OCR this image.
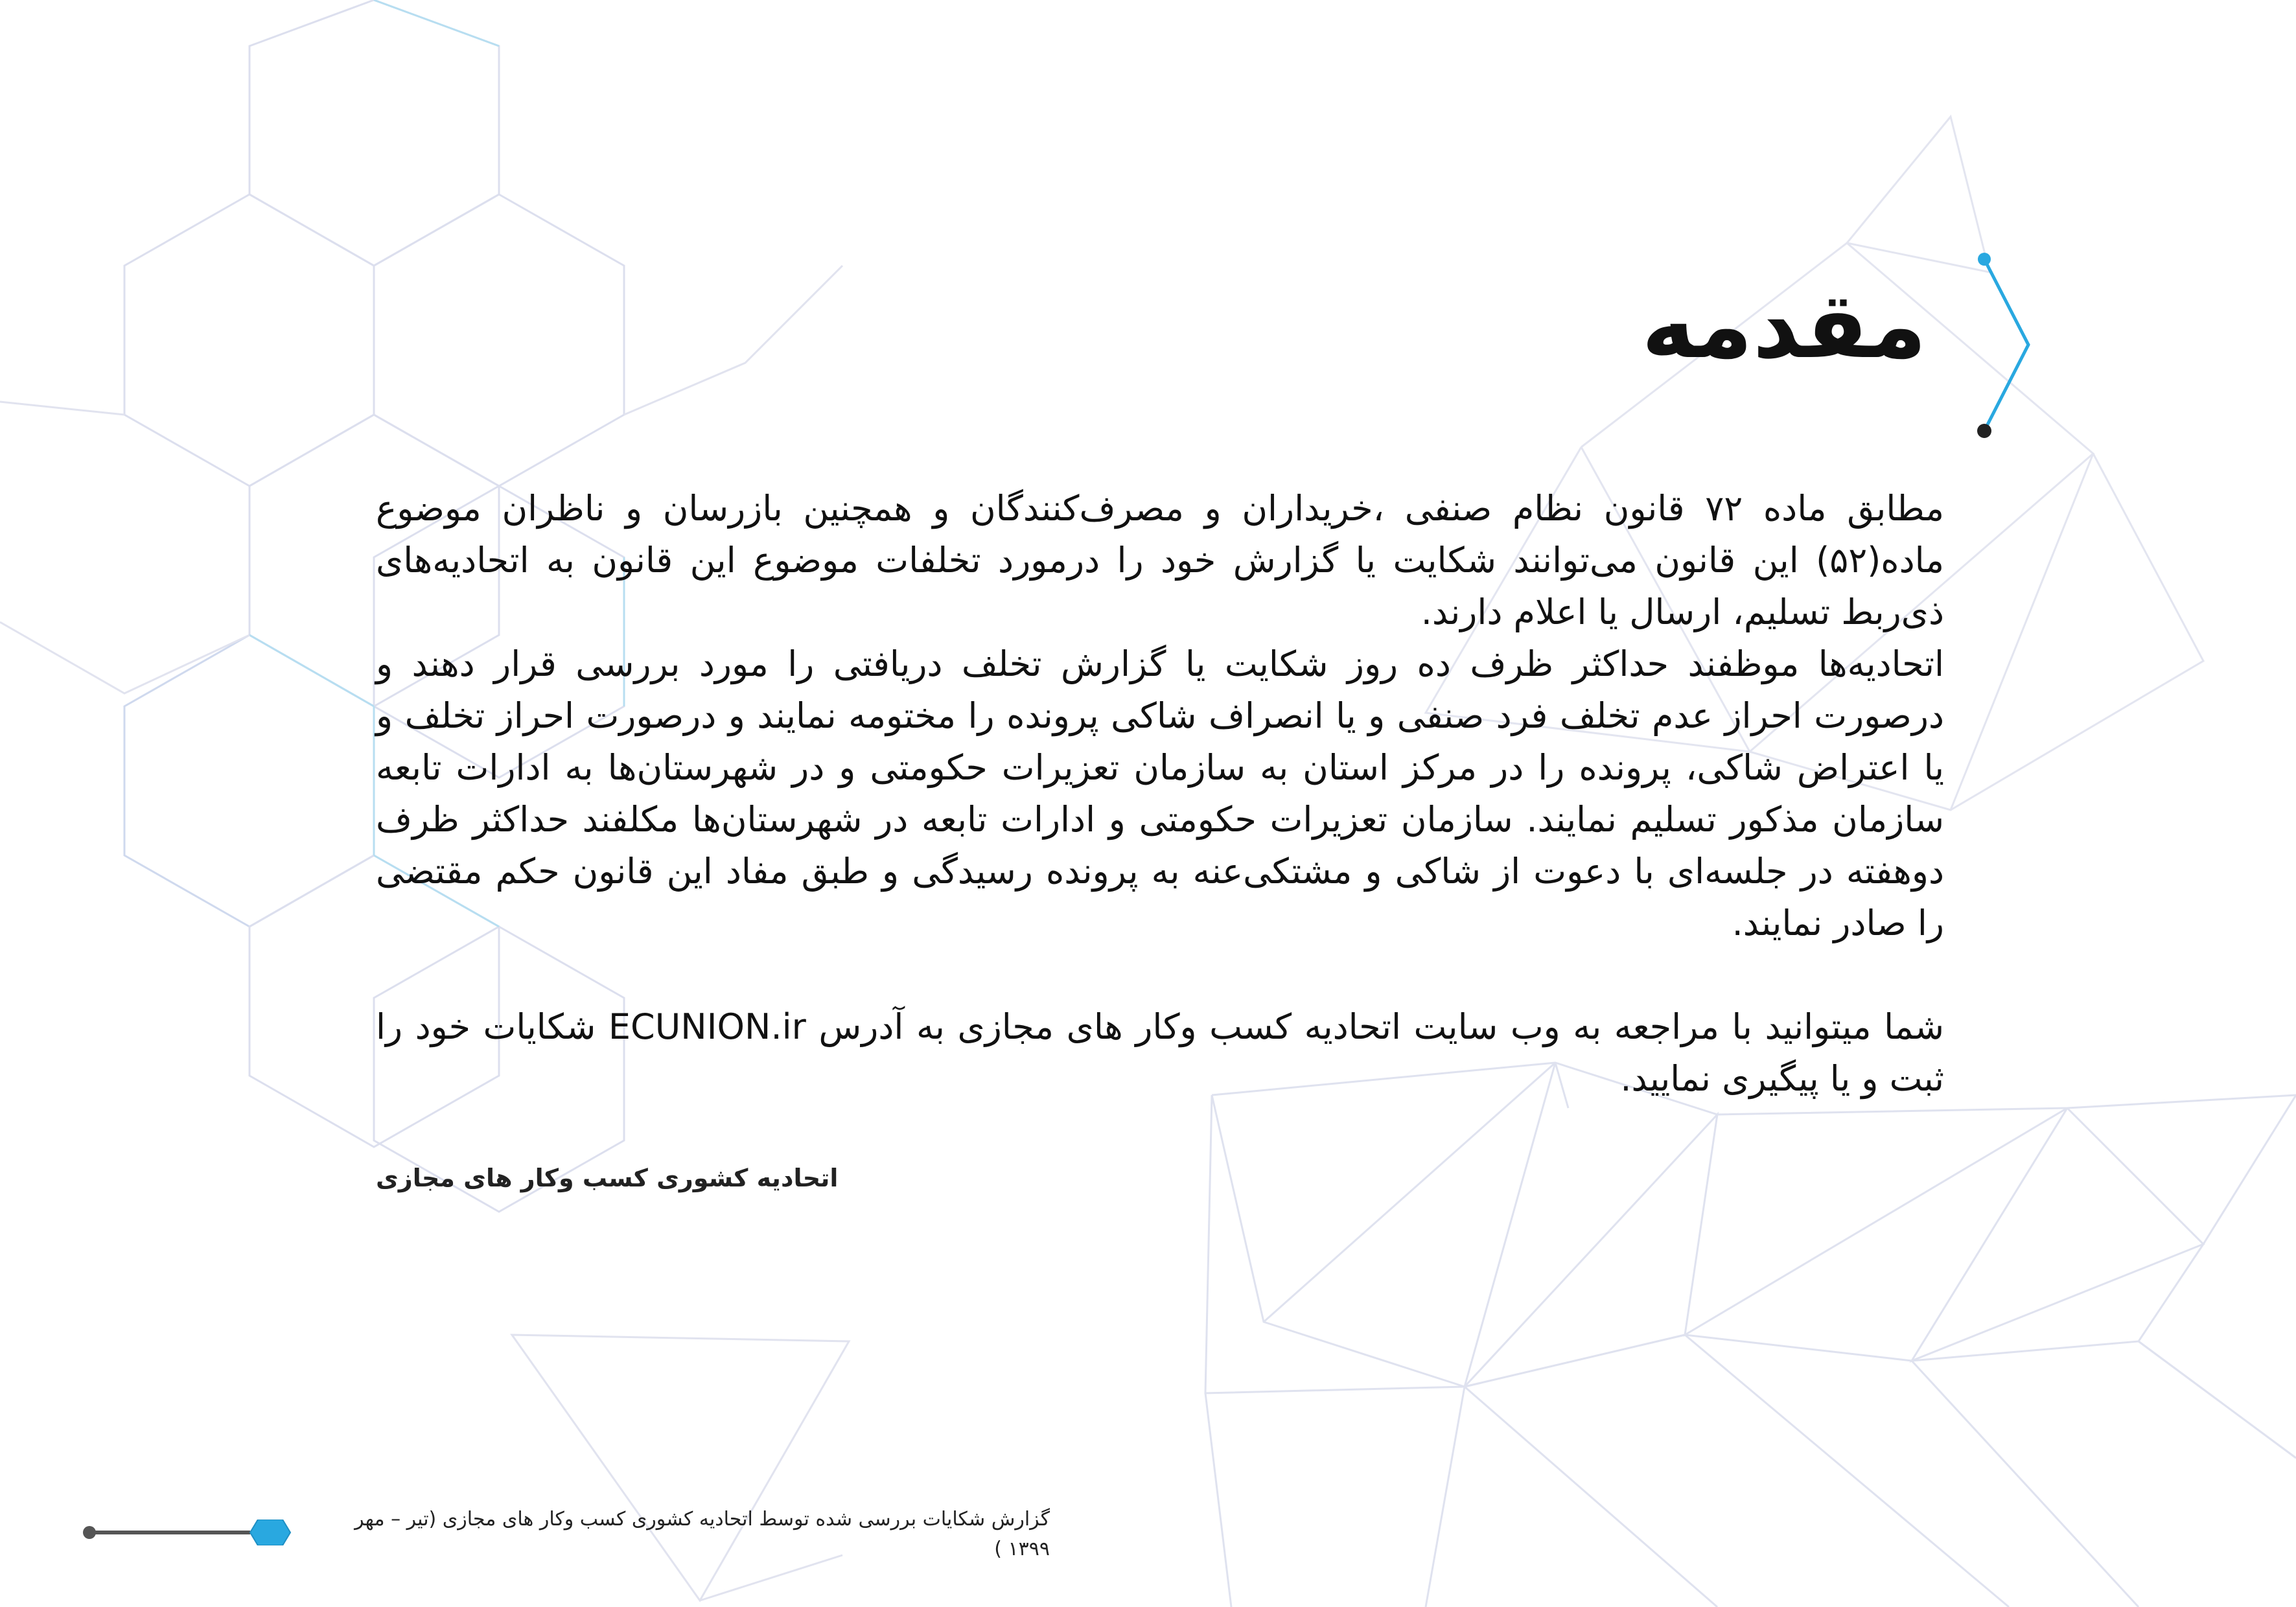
مقدمه

مطابق ماده ۷۲ قانون نظام صنفی ،خریداران و مصرف‌کنندگان و همچنین بازرسان و ناظران موضوع ماده(۵۲) این قانون می‌توانند شکایت یا گزارش خود را درمورد تخلفات موضوع این قانون به اتحادیه‌های ذی‌ربط تسلیم، ارسال یا اعلام دارند.

اتحادیه‌ها موظفند حداکثر ظرف ده روز شکایت یا گزارش تخلف دریافتی را مورد بررسی قرار دهند و درصورت احراز عدم تخلف فرد صنفی و یا انصراف شاکی پرونده را مختومه نمایند و درصورت احراز تخلف و یا اعتراض شاکی، پرونده را در مرکز استان به سازمان تعزیرات حکومتی و در شهرستان‌ها به ادارات تابعه سازمان مذکور تسلیم نمایند. سازمان تعزیرات حکومتی و ادارات تابعه در شهرستان‌ها مکلفند حداکثر ظرف دوهفته در جلسه‌ای با دعوت از شاکی و مشتکی‌عنه به پرونده رسیدگی و طبق مفاد این قانون حکم مقتضی را صادر نمایند.

شما میتوانید با مراجعه به وب سایت اتحادیه کسب وکار های مجازی به آدرس ECUNION.ir شکایات خود را ثبت و یا پیگیری نمایید.

اتحادیه کشوری کسب وکار های مجازی
گزارش شکایات بررسی شده توسط اتحادیه کشوری کسب وکار های مجازی (تیر – مهر ۱۳۹۹ )
